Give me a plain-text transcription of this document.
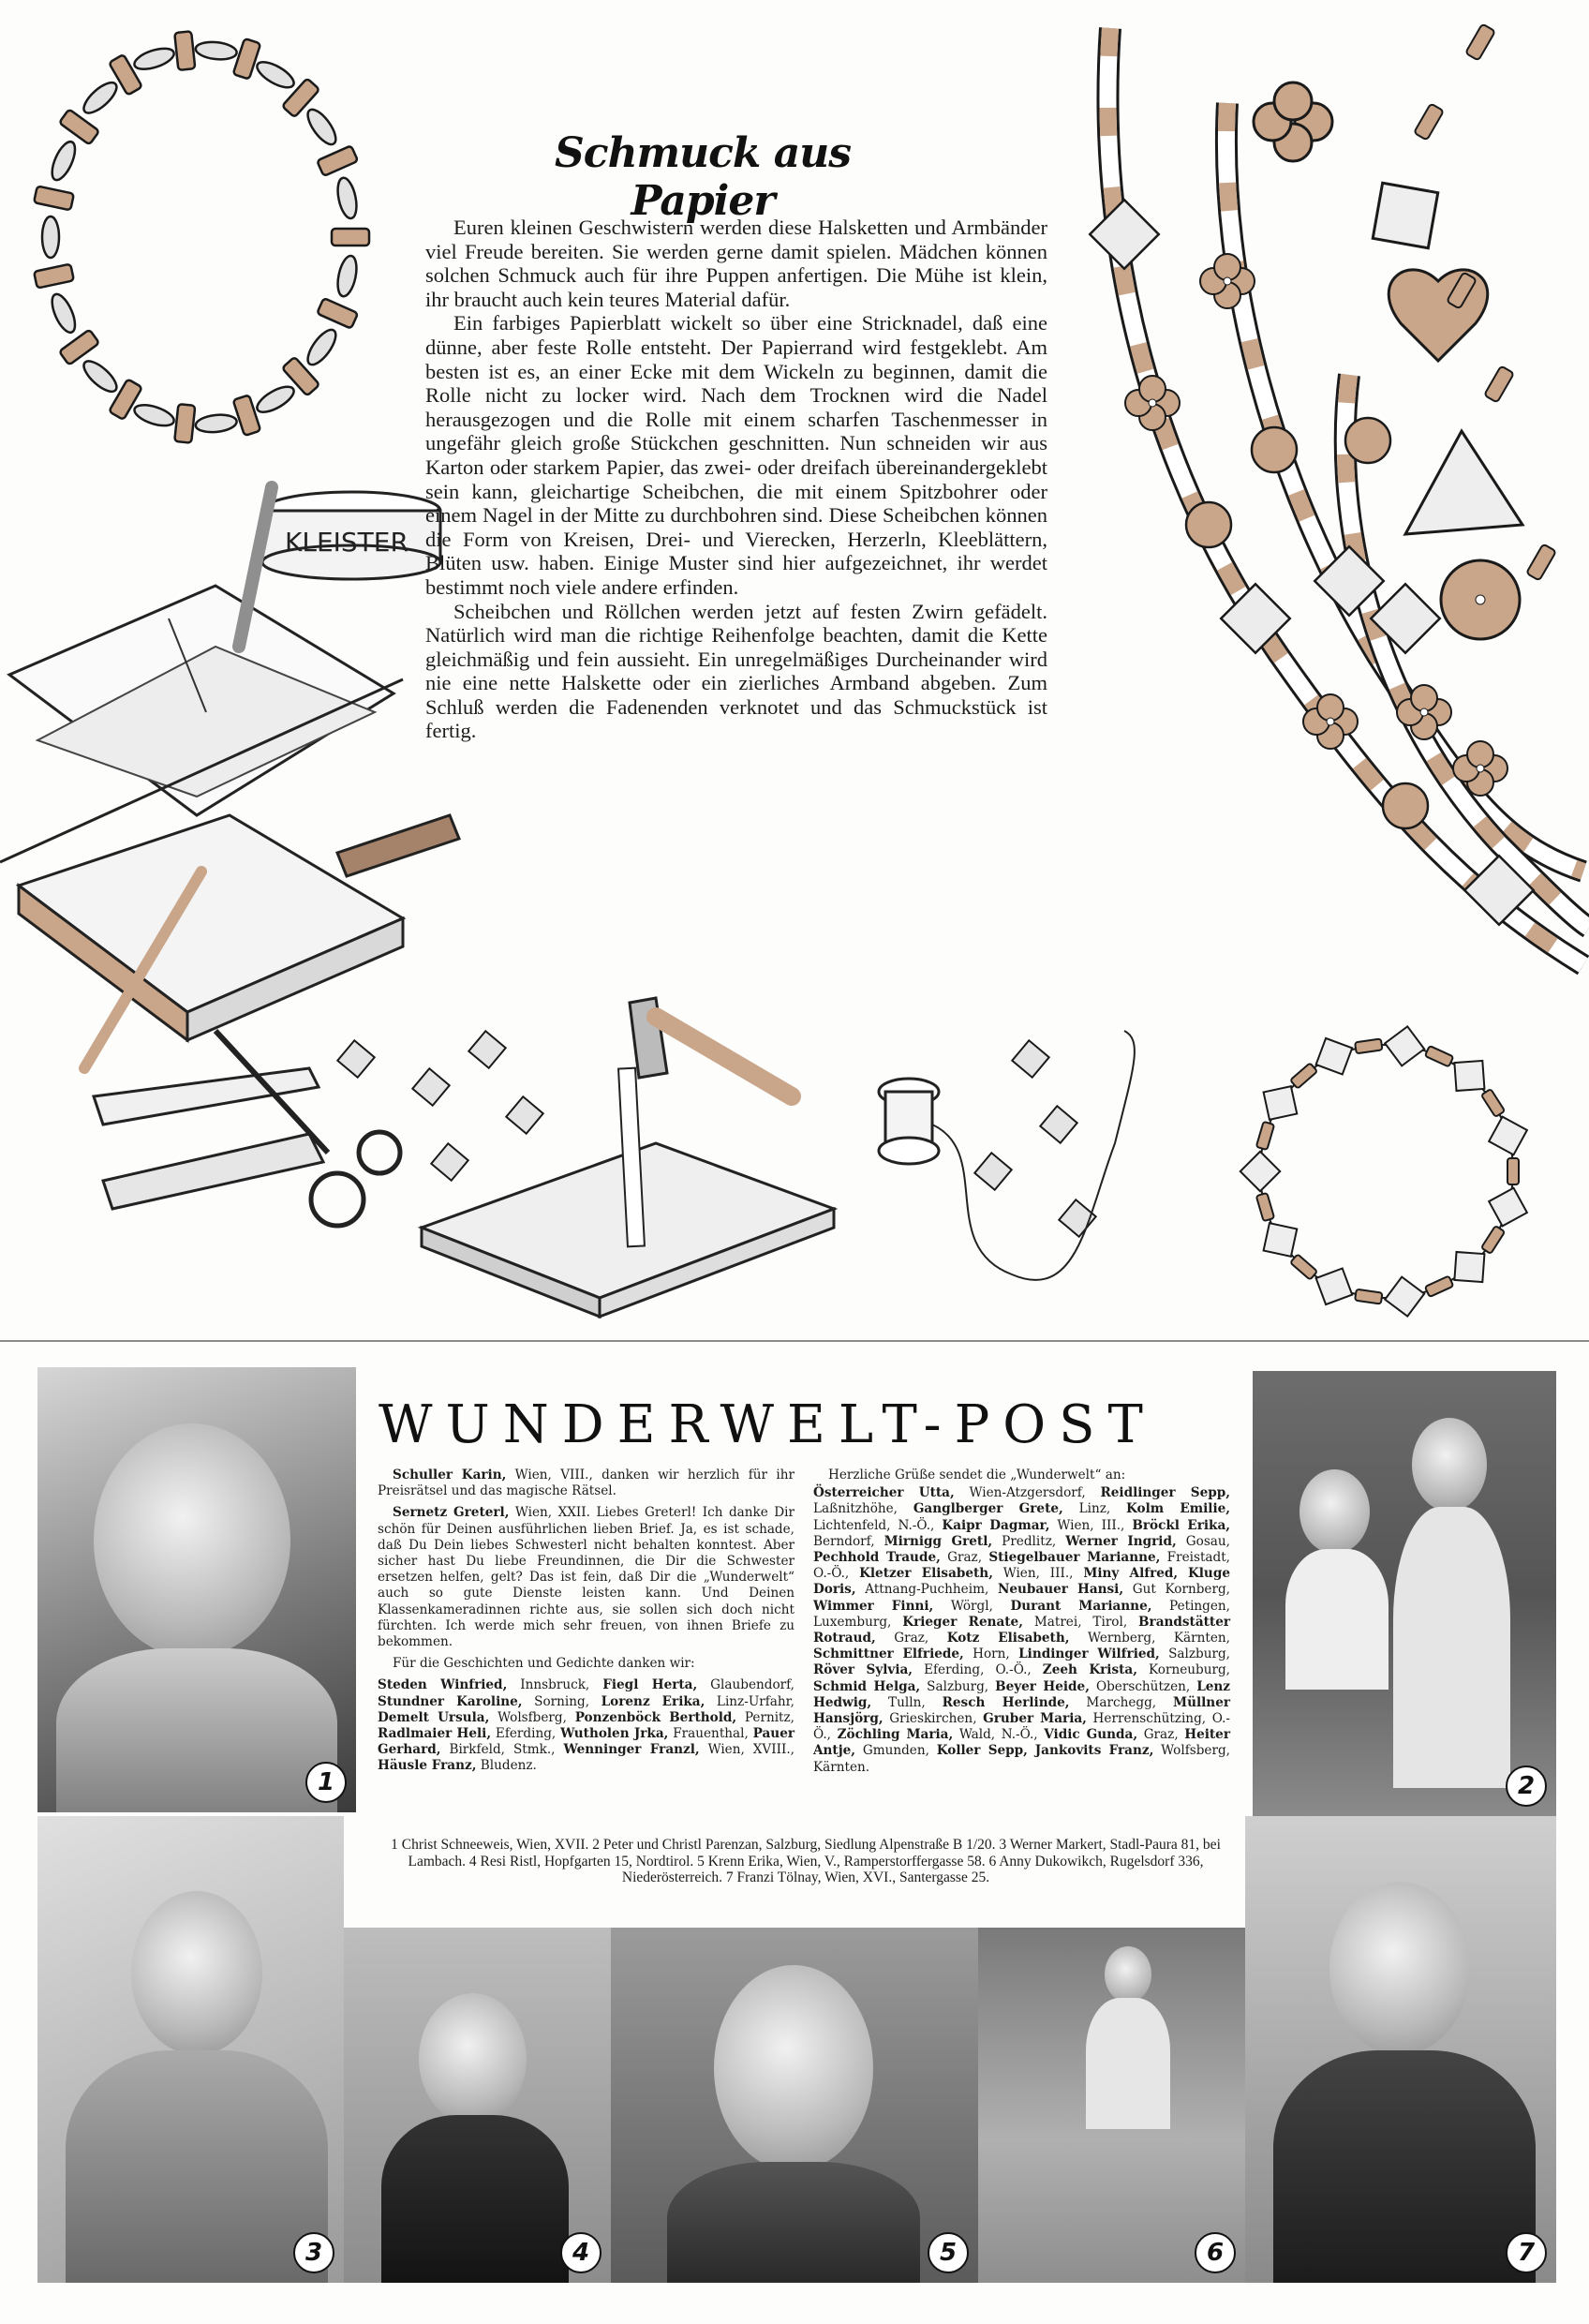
KLEISTER
Schmuck aus Papier

Euren kleinen Geschwistern werden diese Halsketten und Armbänder viel Freude bereiten. Sie werden gerne damit spielen. Mädchen können solchen Schmuck auch für ihre Puppen anfertigen. Die Mühe ist klein, ihr braucht auch kein teures Material dafür.

Ein farbiges Papierblatt wickelt so über eine Stricknadel, daß eine dünne, aber feste Rolle entsteht. Der Papierrand wird festgeklebt. Am besten ist es, an einer Ecke mit dem Wickeln zu beginnen, damit die Rolle nicht zu locker wird. Nach dem Trocknen wird die Nadel herausgezogen und die Rolle mit einem scharfen Taschenmesser in ungefähr gleich große Stückchen geschnitten. Nun schneiden wir aus Karton oder starkem Papier, das zwei- oder dreifach übereinandergeklebt sein kann, gleichartige Scheibchen, die mit einem Spitzbohrer oder einem Nagel in der Mitte zu durchbohren sind. Diese Scheibchen können die Form von Kreisen, Drei- und Vierecken, Herzerln, Kleeblättern, Blüten usw. haben. Einige Muster sind hier aufgezeichnet, ihr werdet bestimmt noch viele andere erfinden.

Scheibchen und Röllchen werden jetzt auf festen Zwirn gefädelt. Natürlich wird man die richtige Reihenfolge beachten, damit die Kette gleichmäßig und fein aussieht. Ein unregelmäßiges Durcheinander wird nie eine nette Halskette oder ein zierliches Armband abgeben. Zum Schluß werden die Fadenenden verknotet und das Schmuckstück ist fertig.

1	2
3	4	5	6	7
WUNDERWELT-POST

Schuller Karin, Wien, VIII., danken wir herzlich für ihr Preisrätsel und das magische Rätsel.

Sernetz Greterl, Wien, XXII. Liebes Greterl! Ich danke Dir schön für Deinen ausführlichen lieben Brief. Ja, es ist schade, daß Du Dein liebes Schwesterl nicht behalten konntest. Aber sicher hast Du liebe Freundinnen, die Dir die Schwester ersetzen helfen, gelt? Das ist fein, daß Dir die „Wunderwelt“ auch so gute Dienste leisten kann. Und Deinen Klassenkameradinnen richte aus, sie sollen sich doch nicht fürchten. Ich werde mich sehr freuen, von ihnen Briefe zu bekommen.

Für die Geschichten und Gedichte danken wir:

Steden Winfried, Innsbruck, Fiegl Herta, Glaubendorf, Stundner Karoline, Sorning, Lorenz Erika, Linz-Urfahr, Demelt Ursula, Wolsfberg, Ponzenböck Berthold, Pernitz, Radlmaier Heli, Eferding, Wutholen Jrka, Frauenthal, Pauer Gerhard, Birkfeld, Stmk., Wenninger Franzl, Wien, XVIII., Häusle Franz, Bludenz.

Herzliche Grüße sendet die „Wunderwelt“ an:

Österreicher Utta, Wien-Atzgersdorf, Reidlinger Sepp, Laßnitzhöhe, Ganglberger Grete, Linz, Kolm Emilie, Lichtenfeld, N.-Ö., Kaipr Dagmar, Wien, III., Bröckl Erika, Berndorf, Mirnigg Gretl, Predlitz, Werner Ingrid, Gosau, Pechhold Traude, Graz, Stiegelbauer Marianne, Freistadt, O.-Ö., Kletzer Elisabeth, Wien, III., Miny Alfred, Kluge Doris, Attnang-Puchheim, Neubauer Hansi, Gut Kornberg, Wimmer Finni, Wörgl, Durant Marianne, Petingen, Luxemburg, Krieger Renate, Matrei, Tirol, Brandstätter Rotraud, Graz, Kotz Elisabeth, Wernberg, Kärnten, Schmittner Elfriede, Horn, Lindinger Wilfried, Salzburg, Röver Sylvia, Eferding, O.-Ö., Zeeh Krista, Korneuburg, Schmid Helga, Salzburg, Beyer Heide, Oberschützen, Lenz Hedwig, Tulln, Resch Herlinde, Marchegg, Müllner Hansjörg, Grieskirchen, Gruber Maria, Herrenschützing, O.-Ö., Zöchling Maria, Wald, N.-Ö., Vidic Gunda, Graz, Heiter Antje, Gmunden, Koller Sepp, Jankovits Franz, Wolfsberg, Kärnten.

1 Christ Schneeweis, Wien, XVII. 2 Peter und Christl Parenzan, Salzburg, Siedlung Alpenstraße B 1/20. 3 Werner Markert, Stadl-Paura 81, bei Lambach. 4 Resi Ristl, Hopfgarten 15, Nordtirol. 5 Krenn Erika, Wien, V., Ramperstorffergasse 58. 6 Anny Dukowikch, Rugelsdorf 336, Niederösterreich. 7 Franzi Tölnay, Wien, XVI., Santergasse 25.
